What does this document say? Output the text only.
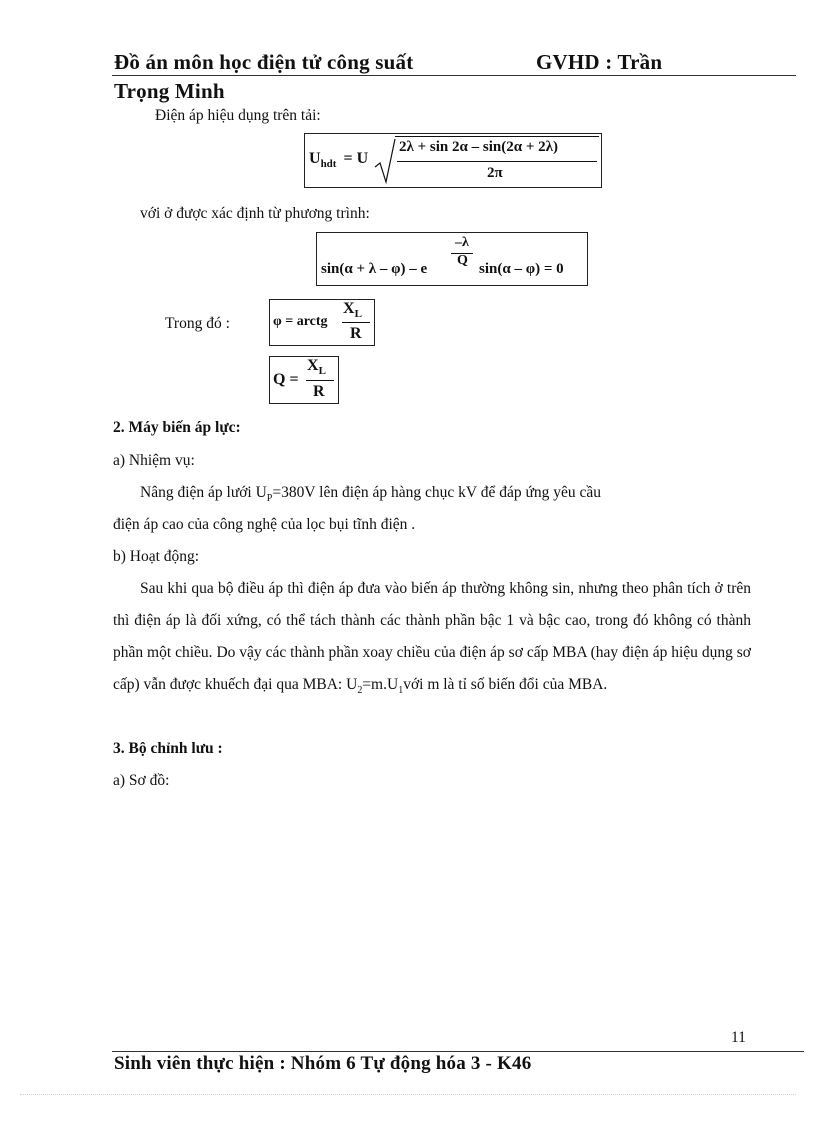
Đồ án môn học điện tử công suất	GVHD : Trần
Trọng Minh
Điện áp hiệu dụng trên tải:
$U_{hdt} = U$
2λ + sin 2α – sin(2α + 2λ)
2π
với ở được xác định từ phương trình:
sin(α + λ – φ) – e
–λ
Q
sin(α – φ) = 0
Trong đó :	φ = arctg
$X_L$
R
Q =
$X_L$
R
2. Máy biến áp lực:
a) Nhiệm vụ:
Nâng điện áp lưới $U_P=380V$ lên điện áp hàng chục kV để đáp ứng yêu cầu
điện áp cao của công nghệ của lọc bụi tĩnh điện .
b) Hoạt động:
Sau khi qua bộ điều áp thì điện áp đưa vào biến áp thường không sin, nhưng theo phân tích ở trên thì điện áp là đối xứng, có thể tách thành các thành phần bậc 1 và bậc cao, trong đó không có thành phần một chiều. Do vậy các thành phần xoay chiều của điện áp sơ cấp MBA (hay điện áp hiệu dụng sơ cấp) vẫn được khuếch đại qua MBA: $U_2=m.U_1với$ m là tỉ số biến đổi của MBA.
3. Bộ chỉnh lưu :
a) Sơ đồ:
11
Sinh viên thực hiện : Nhóm 6 Tự động hóa 3 - K46
